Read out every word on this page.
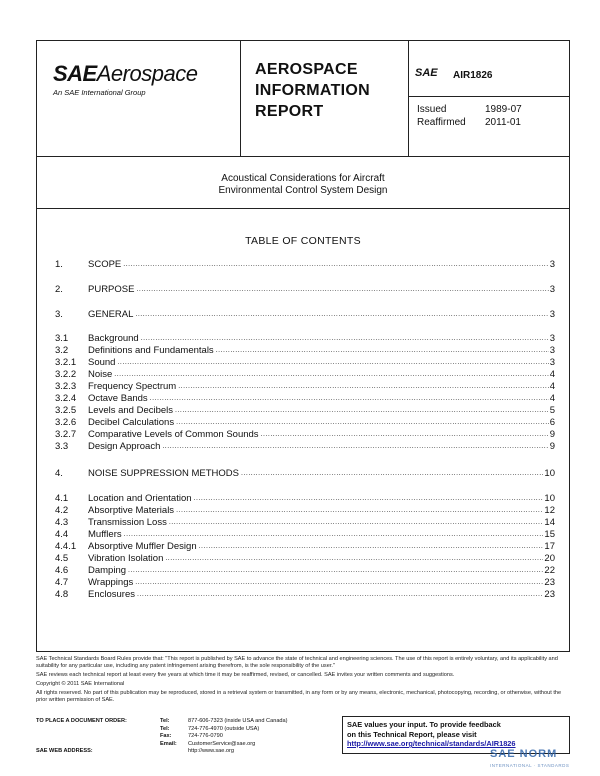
SAEAerospace
An SAE International Group
AEROSPACE
INFORMATION
REPORT
SAE AIR1826
Issued	1989-07
Reaffirmed 2011-01
Acoustical Considerations for Aircraft
Environmental Control System Design
TABLE OF CONTENTS
1.	SCOPE .....	3
2.	PURPOSE .....	3
3.	GENERAL .....	3
3.1 Background .....	3
3.2 Definitions and Fundamentals .....	3
3.2.1 Sound .....	3
3.2.2 Noise .....	4
3.2.3 Frequency Spectrum .....	4
3.2.4 Octave Bands .....	4
3.2.5 Levels and Decibels .....	5
3.2.6 Decibel Calculations .....	6
3.2.7 Comparative Levels of Common Sounds .....	9
3.3 Design Approach .....	9
4.	NOISE SUPPRESSION METHODS .....	10
4.1 Location and Orientation .....	10
4.2 Absorptive Materials .....	12
4.3 Transmission Loss .....	14
4.4 Mufflers .....	15
4.4.1 Absorptive Muffler Design .....	17
4.5 Vibration Isolation .....	20
4.6 Damping .....	22
4.7 Wrappings .....	23
4.8 Enclosures .....	23

SAE Technical Standards Board Rules provide that: "This report is published by SAE to advance the state of technical and engineering sciences. The use of this report is entirely voluntary, and its applicability and suitability for any particular use, including any patent infringement arising therefrom, is the sole responsibility of the user."

SAE reviews each technical report at least every five years at which time it may be reaffirmed, revised, or cancelled. SAE invites your written comments and suggestions.

Copyright © 2011 SAE International

All rights reserved. No part of this publication may be reproduced, stored in a retrieval system or transmitted, in any form or by any means, electronic, mechanical, photocopying, recording, or otherwise, without the prior written permission of SAE.

TO PLACE A DOCUMENT ORDER:	Tel:	877-606-7323 (inside USA and Canada)
Tel:	724-776-4970 (outside USA)
Fax:	724-776-0790
Email: CustomerService@sae.org
SAE WEB ADDRESS:	http://www.sae.org
SAE values your input. To provide feedback
on this Technical Report, please visit
http://www.sae.org/technical/standards/AIR1826
SAE NORM
INTERNATIONAL · STANDARDS
